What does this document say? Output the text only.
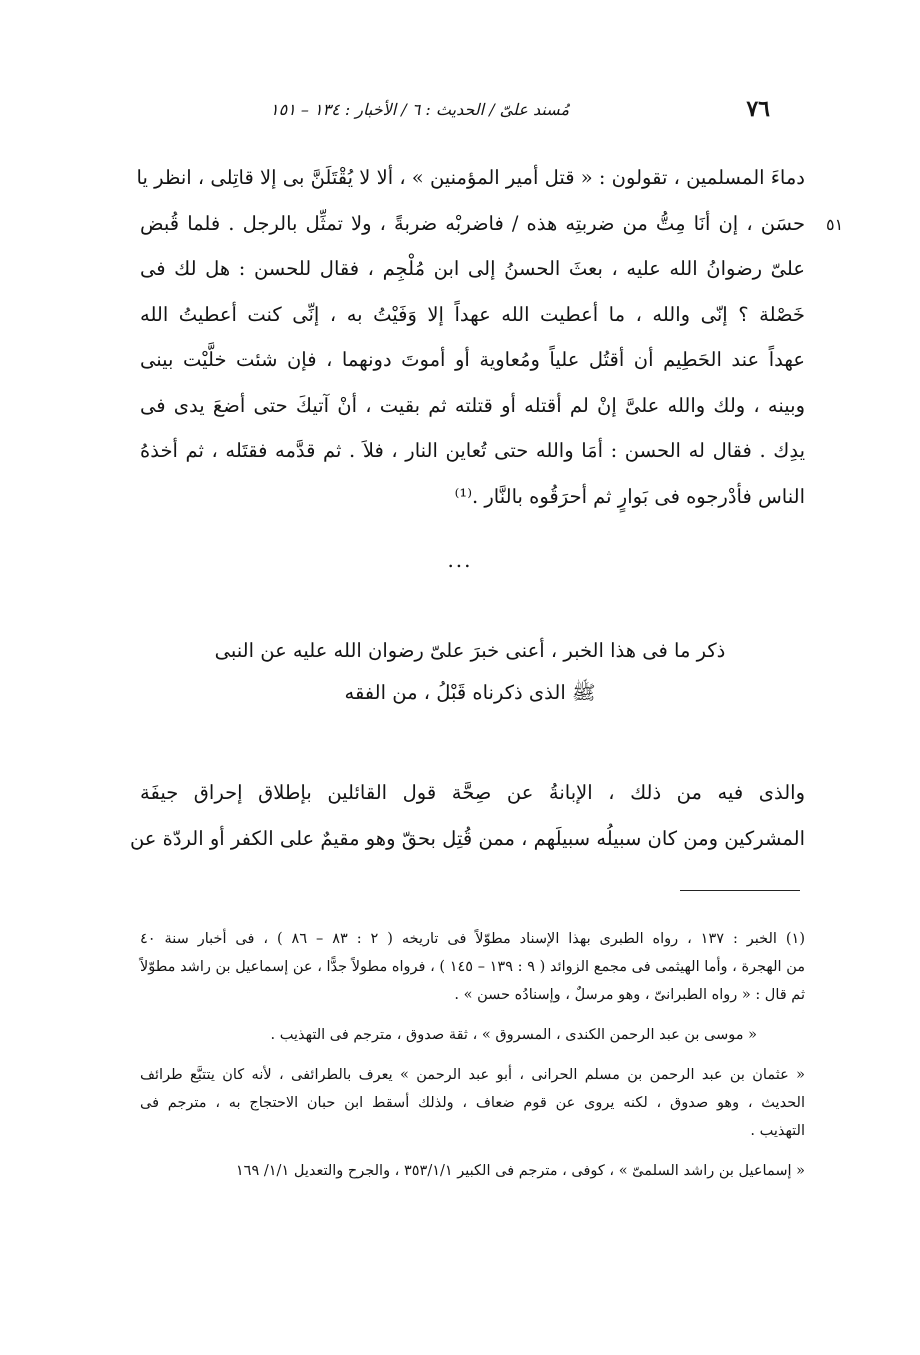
٧٦
مُسند علىّ / الحديث : ٦ / الأخبار : ١٣٤ – ١٥١
٥١
دماءَ المسلمين ، تقولون : « قتل أمير المؤمنين » ، ألا لا يُقْتَلَنَّ بى إلا قاتِلى ، انظر يا
حسَن ، إن أنَا مِتُّ من ضربتِه هذه / فاضربْه ضربةً ، ولا تمثِّل بالرجل . فلما قُبض
علىّ رضوانُ الله عليه ، بعثَ الحسنُ إلى ابن مُلْجِم ، فقال للحسن : هل لك فى
خَصْلة ؟ إنّى والله ، ما أعطيت الله عهداً إلا وَفَيْتُ به ، إنِّى كنت أعطيتُ الله
عهداً عند الحَطِيم أن أقتُل علياً ومُعاوية أو أموتَ دونهما ، فإن شئت خلَّيْت بينى
وبينه ، ولك والله علىَّ إنْ لم أقتله أو قتلته ثم بقيت ، أنْ آتيكَ حتى أضعَ يدى فى
يدِك . فقال له الحسن : أمَا والله حتى تُعاين النار ، فلاَ . ثم قدَّمه فقتَله ، ثم أخذهُ
الناس فأدْرجوه فى بَوارٍ ثم أحرَقُوه بالنَّار .⁽¹⁾
...
ذكر ما فى هذا الخبر ، أعنى خبرَ علىّ رضوان الله عليه عن النبى
ﷺ الذى ذكرناه قَبْلُ ، من الفقه
والذى فيه من ذلك ، الإبانةُ عن صِحَّة قول القائلين بإطلاق إحراق جيفَة
المشركين ومن كان سبيلُه سبيلَهم ، ممن قُتِل بحقّ وهو مقيمٌ على الكفر أو الردّة عن
(١) الخبر : ١٣٧ ، رواه الطبرى بهذا الإسناد مطوّلاً فى تاريخه ( ٢ : ٨٣ – ٨٦ ) ، فى أخبار سنة ٤٠
من الهجرة ، وأما الهيثمى فى مجمع الزوائد ( ٩ : ١٣٩ – ١٤٥ ) ، فرواه مطولاً جدًّا ، عن إسماعيل بن راشد مطوّلاً
ثم قال : « رواه الطبرانىّ ، وهو مرسلٌ ، وإسنادُه حسن » .
« موسى بن عبد الرحمن الكندى ، المسروق » ، ثقة صدوق ، مترجم فى التهذيب .
« عثمان بن عبد الرحمن بن مسلم الحرانى ، أبو عبد الرحمن » يعرف بالطرائفى ، لأنه كان يتتبَّع طرائف
الحديث ، وهو صدوق ، لكنه يروى عن قوم ضعاف ، ولذلك أسقط ابن حبان الاحتجاج به ، مترجم فى
التهذيب .
« إسماعيل بن راشد السلمىّ » ، كوفى ، مترجم فى الكبير ٣٥٣/١/١ ، والجرح والتعديل ١/١/ ١٦٩
